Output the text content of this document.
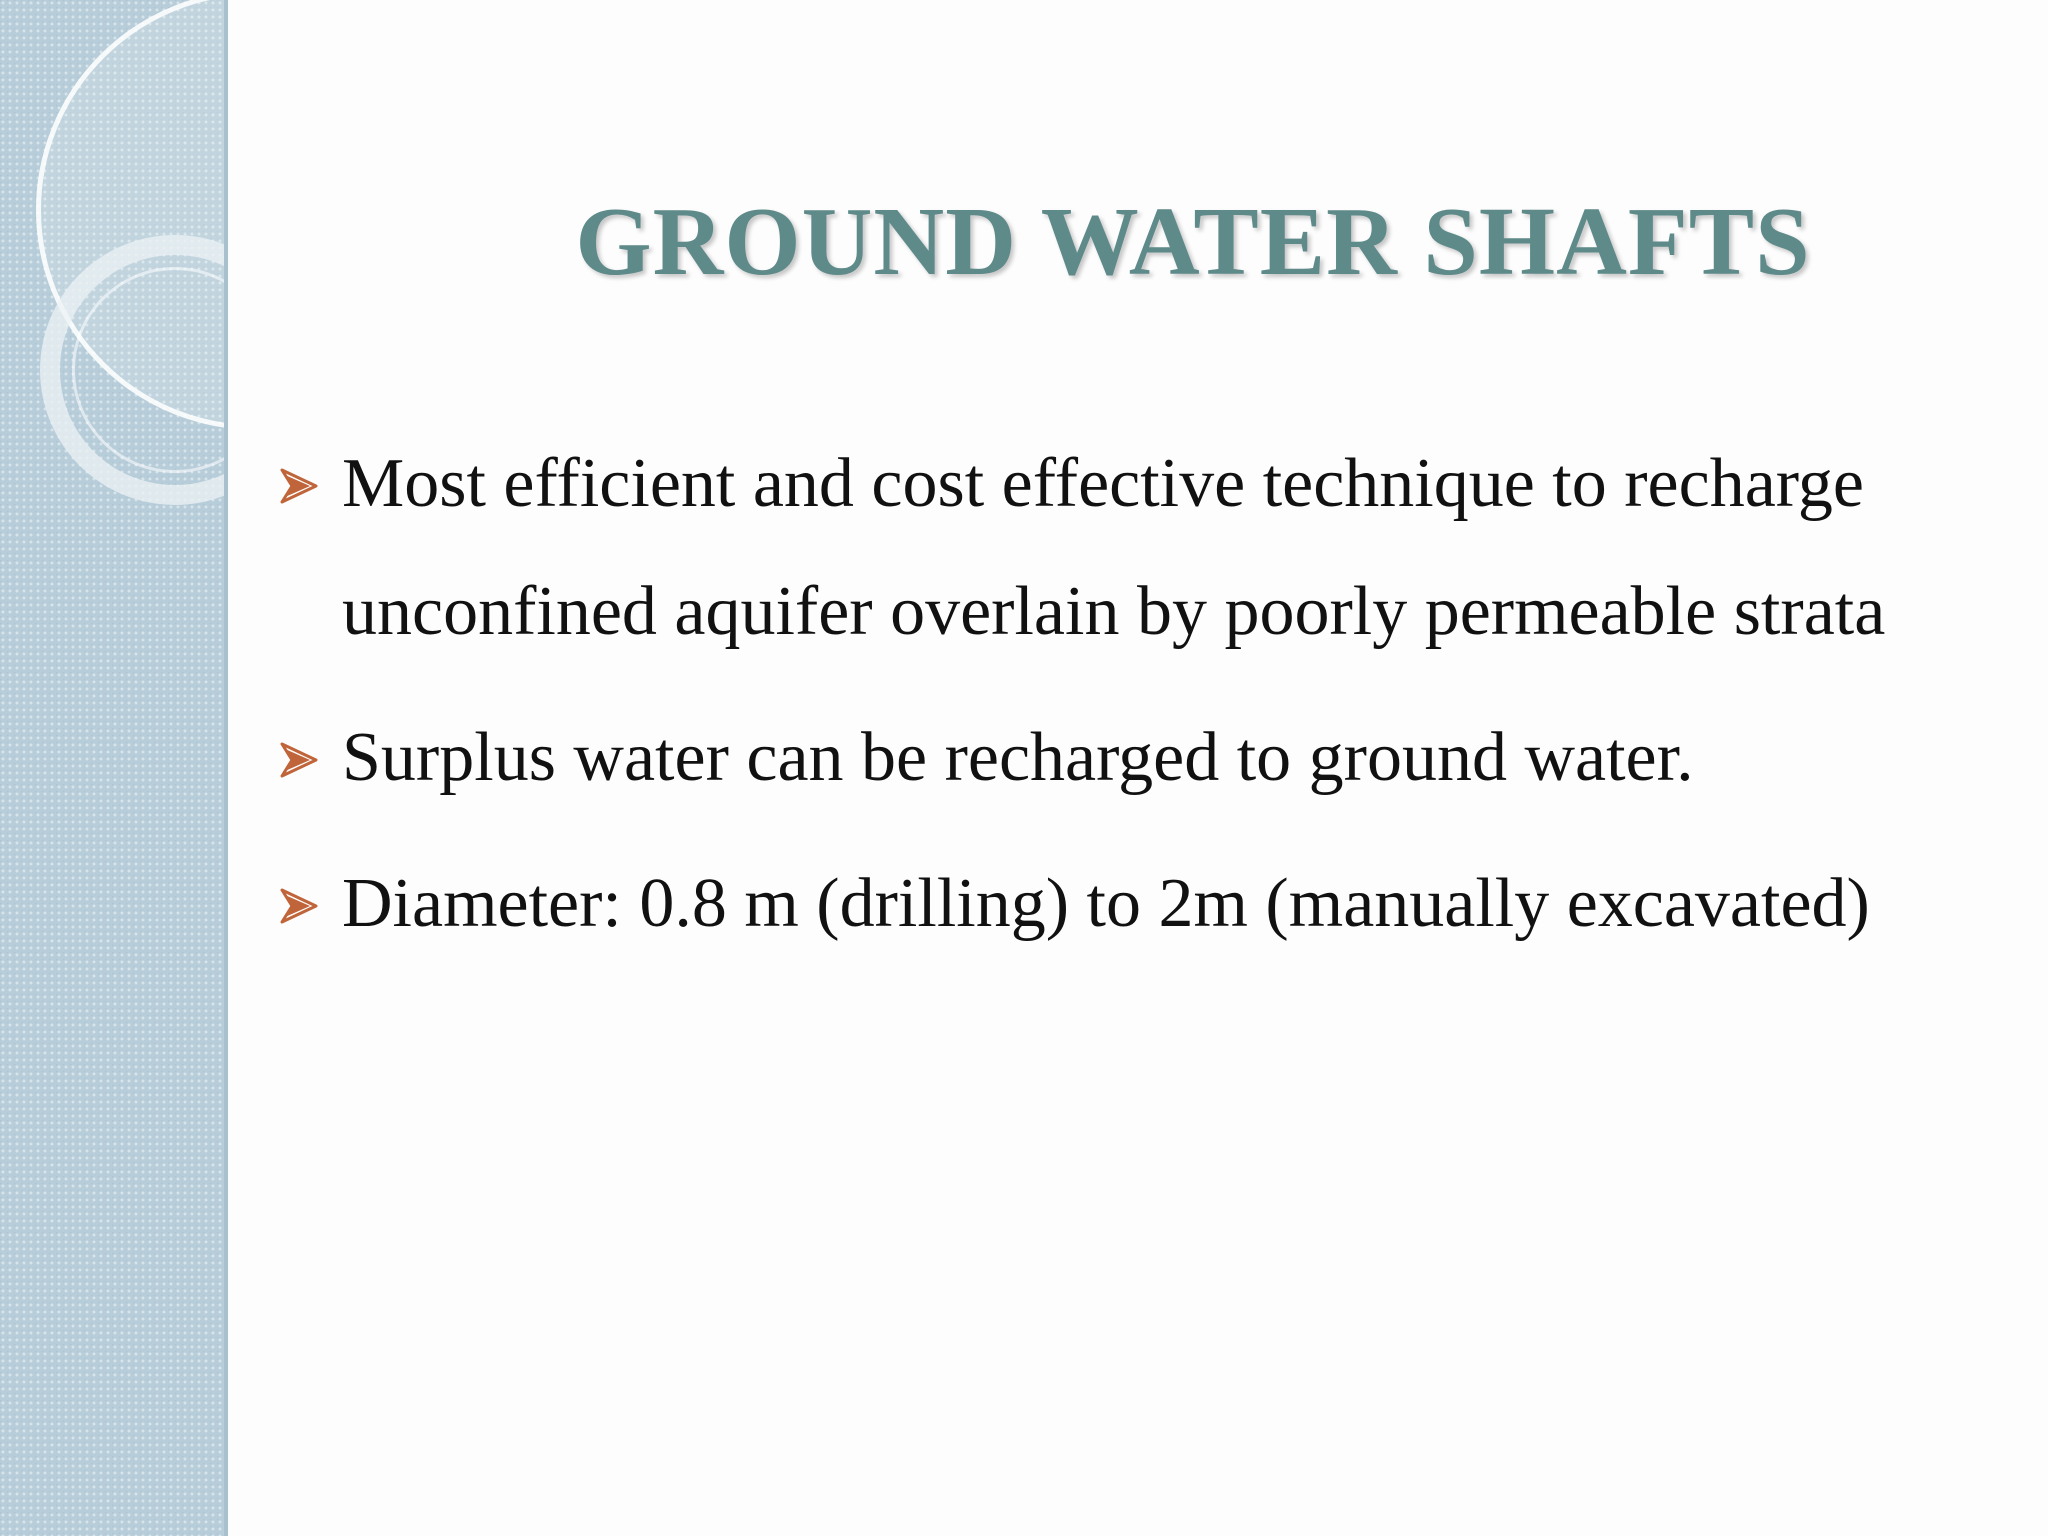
GROUND WATER SHAFTS
Most efficient and cost effective technique to recharge unconfined aquifer overlain by poorly permeable strata
Surplus water can be recharged to ground water.
Diameter: 0.8 m (drilling) to 2m (manually excavated)
